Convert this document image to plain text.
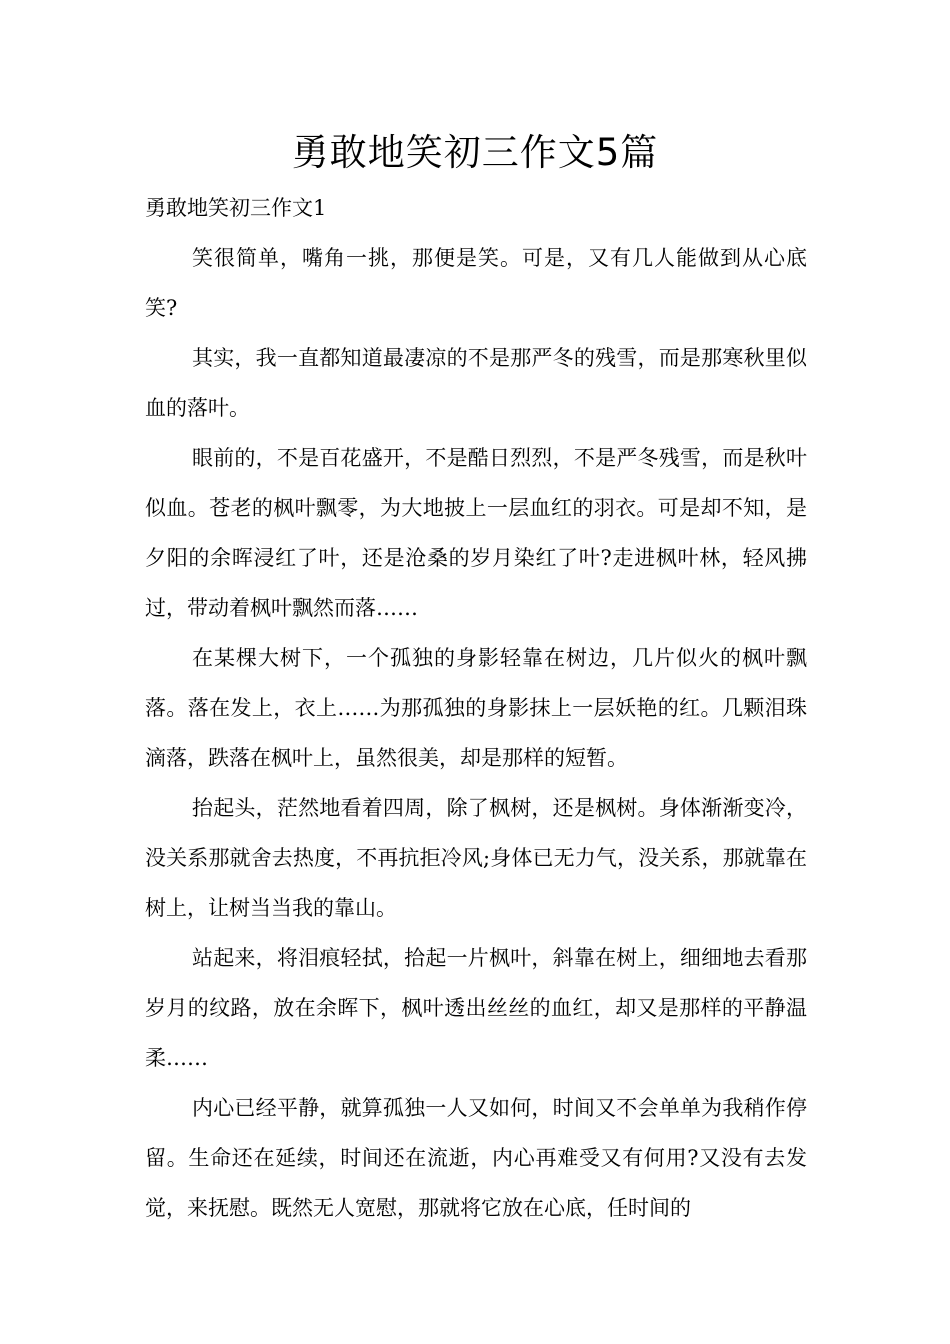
勇敢地笑初三作文5篇

勇敢地笑初三作文1

笑很简单，嘴角一挑，那便是笑。可是，又有几人能做到从心底笑?

其实，我一直都知道最凄凉的不是那严冬的残雪，而是那寒秋里似血的落叶。

眼前的，不是百花盛开，不是酷日烈烈，不是严冬残雪，而是秋叶似血。苍老的枫叶飘零，为大地披上一层血红的羽衣。可是却不知，是夕阳的余晖浸红了叶，还是沧桑的岁月染红了叶?走进枫叶林，轻风拂过，带动着枫叶飘然而落……

在某棵大树下，一个孤独的身影轻靠在树边，几片似火的枫叶飘落。落在发上，衣上……为那孤独的身影抹上一层妖艳的红。几颗泪珠滴落，跌落在枫叶上，虽然很美，却是那样的短暂。

抬起头，茫然地看着四周，除了枫树，还是枫树。身体渐渐变冷，没关系那就舍去热度，不再抗拒冷风;身体已无力气，没关系，那就靠在树上，让树当当我的靠山。

站起来，将泪痕轻拭，拾起一片枫叶，斜靠在树上，细细地去看那岁月的纹路，放在余晖下，枫叶透出丝丝的血红，却又是那样的平静温柔……

内心已经平静，就算孤独一人又如何，时间又不会单单为我稍作停留。生命还在延续，时间还在流逝，内心再难受又有何用?又没有去发觉，来抚慰。既然无人宽慰，那就将它放在心底，任时间的
